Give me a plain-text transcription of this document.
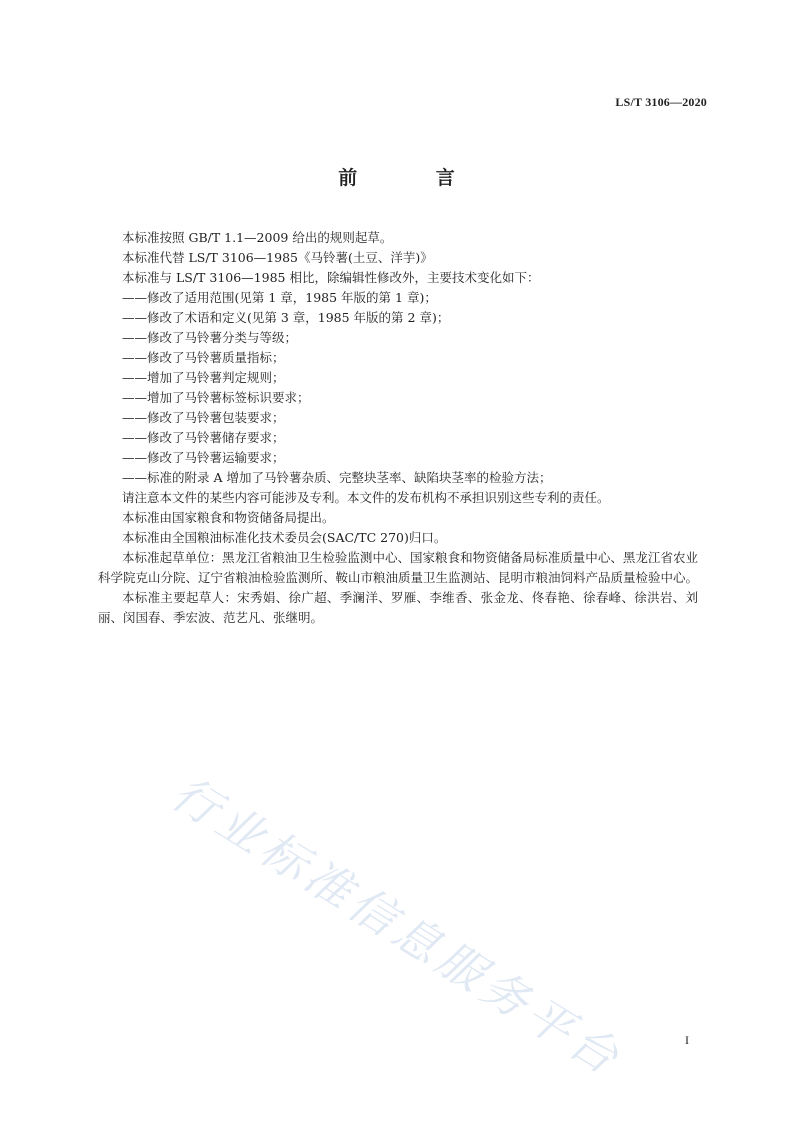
LS/T 3106—2020
前 言

本标准按照 GB/T 1.1—2009 给出的规则起草。

本标准代替 LS/T 3106—1985《马铃薯(土豆、洋芋)》

本标准与 LS/T 3106—1985 相比，除编辑性修改外，主要技术变化如下：

——修改了适用范围(见第 1 章，1985 年版的第 1 章)；

——修改了术语和定义(见第 3 章，1985 年版的第 2 章)；

——修改了马铃薯分类与等级；

——修改了马铃薯质量指标；

——增加了马铃薯判定规则；

——增加了马铃薯标签标识要求；

——修改了马铃薯包装要求；

——修改了马铃薯储存要求；

——修改了马铃薯运输要求；

——标准的附录 A 增加了马铃薯杂质、完整块茎率、缺陷块茎率的检验方法；

请注意本文件的某些内容可能涉及专利。本文件的发布机构不承担识别这些专利的责任。

本标准由国家粮食和物资储备局提出。

本标准由全国粮油标准化技术委员会(SAC/TC 270)归口。

本标准起草单位：黑龙江省粮油卫生检验监测中心、国家粮食和物资储备局标准质量中心、黑龙江省农业科学院克山分院、辽宁省粮油检验监测所、鞍山市粮油质量卫生监测站、昆明市粮油饲料产品质量检验中心。

本标准主要起草人：宋秀娟、徐广超、季澜洋、罗雁、李维香、张金龙、佟春艳、徐春峰、徐洪岩、刘丽、闵国春、季宏波、范艺凡、张继明。

行业标准信息服务平台	I
